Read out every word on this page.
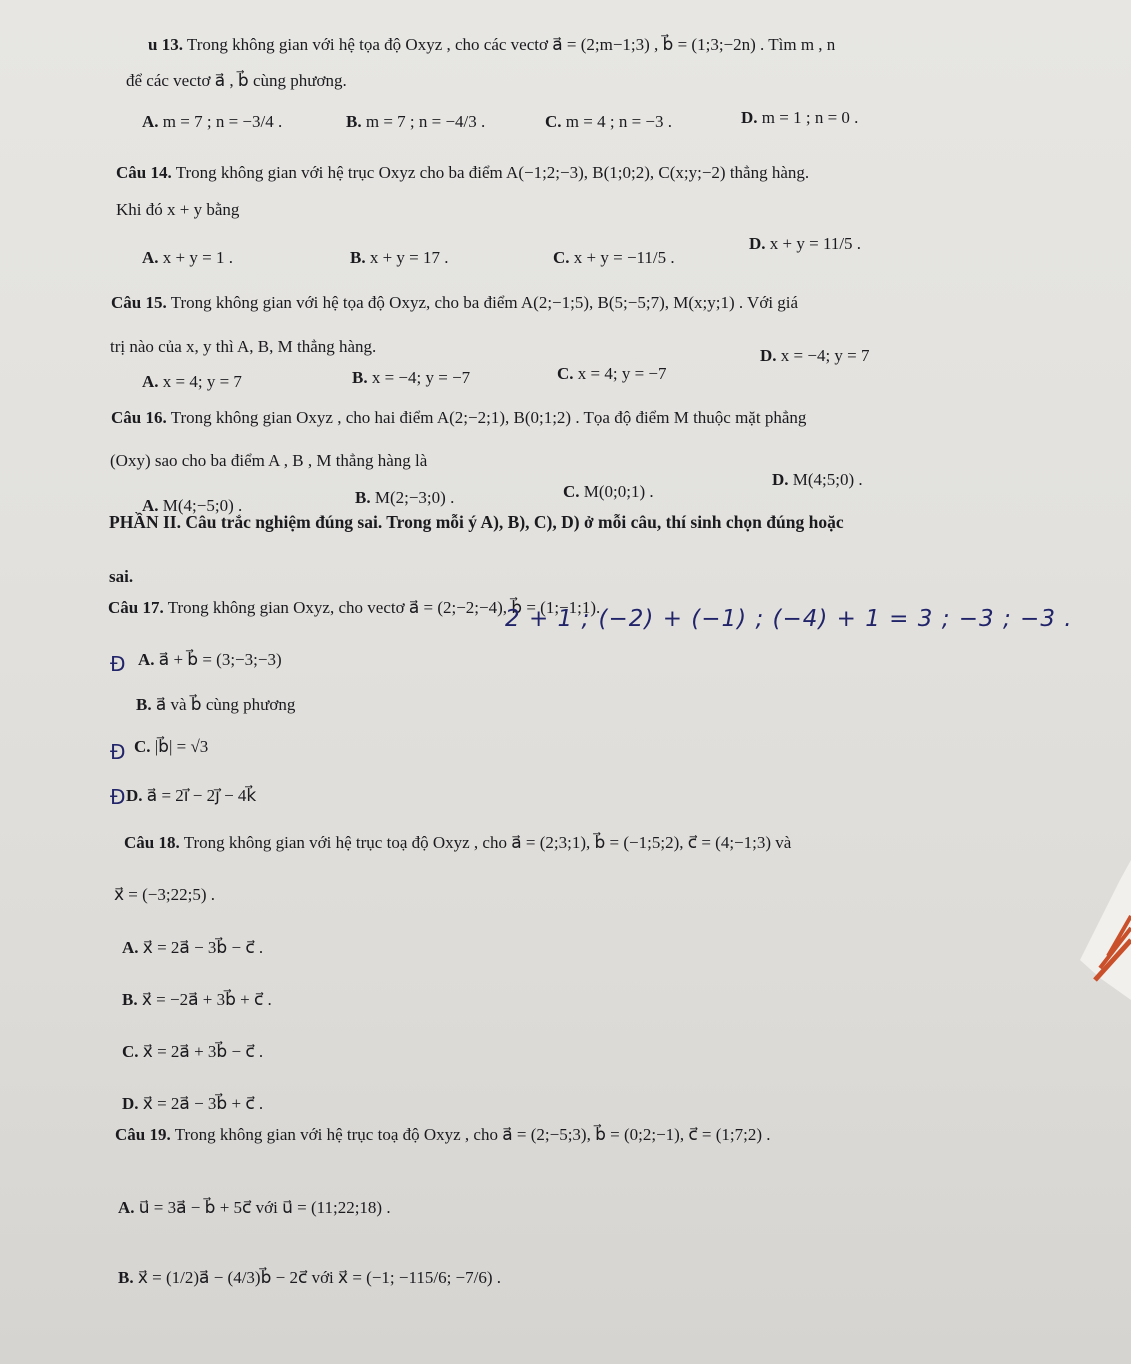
u 13. Trong không gian với hệ tọa độ Oxyz , cho các vectơ a⃗ = (2;m−1;3) , b⃗ = (1;3;−2n) . Tìm m , n
để các vectơ a⃗ , b⃗ cùng phương.
A. m = 7 ; n = −3/4 .	B. m = 7 ; n = −4/3 .	C. m = 4 ; n = −3 .	D. m = 1 ; n = 0 .
Câu 14. Trong không gian với hệ trục Oxyz cho ba điểm A(−1;2;−3), B(1;0;2), C(x;y;−2) thẳng hàng.
Khi đó x + y bằng
A. x + y = 1 .	B. x + y = 17 .	C. x + y = −11/5 .
D. x + y = 11/5 .
Câu 15. Trong không gian với hệ tọa độ Oxyz, cho ba điểm A(2;−1;5), B(5;−5;7), M(x;y;1) . Với giá
trị nào của x, y thì A, B, M thẳng hàng.
A. x = 4; y = 7	B. x = −4; y = −7	C. x = 4; y = −7
D. x = −4; y = 7
Câu 16. Trong không gian Oxyz , cho hai điểm A(2;−2;1), B(0;1;2) . Tọa độ điểm M thuộc mặt phẳng
(Oxy) sao cho ba điểm A , B , M thẳng hàng là
A. M(4;−5;0) .	B. M(2;−3;0) .	C. M(0;0;1) .
D. M(4;5;0) .
PHẦN II. Câu trắc nghiệm đúng sai. Trong mỗi ý A), B), C), D) ở mỗi câu, thí sinh chọn đúng hoặc
sai.
Câu 17. Trong không gian Oxyz, cho vectơ a⃗ = (2;−2;−4), b⃗ = (1;−1;1).
2 + 1 ; (−2) + (−1) ; (−4) + 1 = 3 ; −3 ; −3 .
Đ A. a⃗ + b⃗ = (3;−3;−3)
B. a⃗ và b⃗ cùng phương
Đ C. |b⃗| = √3
Đ D. a⃗ = 2i⃗ − 2j⃗ − 4k⃗
Câu 18. Trong không gian với hệ trục toạ độ Oxyz , cho a⃗ = (2;3;1), b⃗ = (−1;5;2), c⃗ = (4;−1;3) và
x⃗ = (−3;22;5) .
A. x⃗ = 2a⃗ − 3b⃗ − c⃗ .
B. x⃗ = −2a⃗ + 3b⃗ + c⃗ .
C. x⃗ = 2a⃗ + 3b⃗ − c⃗ .
D. x⃗ = 2a⃗ − 3b⃗ + c⃗ .
Câu 19. Trong không gian với hệ trục toạ độ Oxyz , cho a⃗ = (2;−5;3), b⃗ = (0;2;−1), c⃗ = (1;7;2) .
A. u⃗ = 3a⃗ − b⃗ + 5c⃗ với u⃗ = (11;22;18) .
B. x⃗ = (1/2)a⃗ − (4/3)b⃗ − 2c⃗ với x⃗ = (−1; −115/6; −7/6) .
